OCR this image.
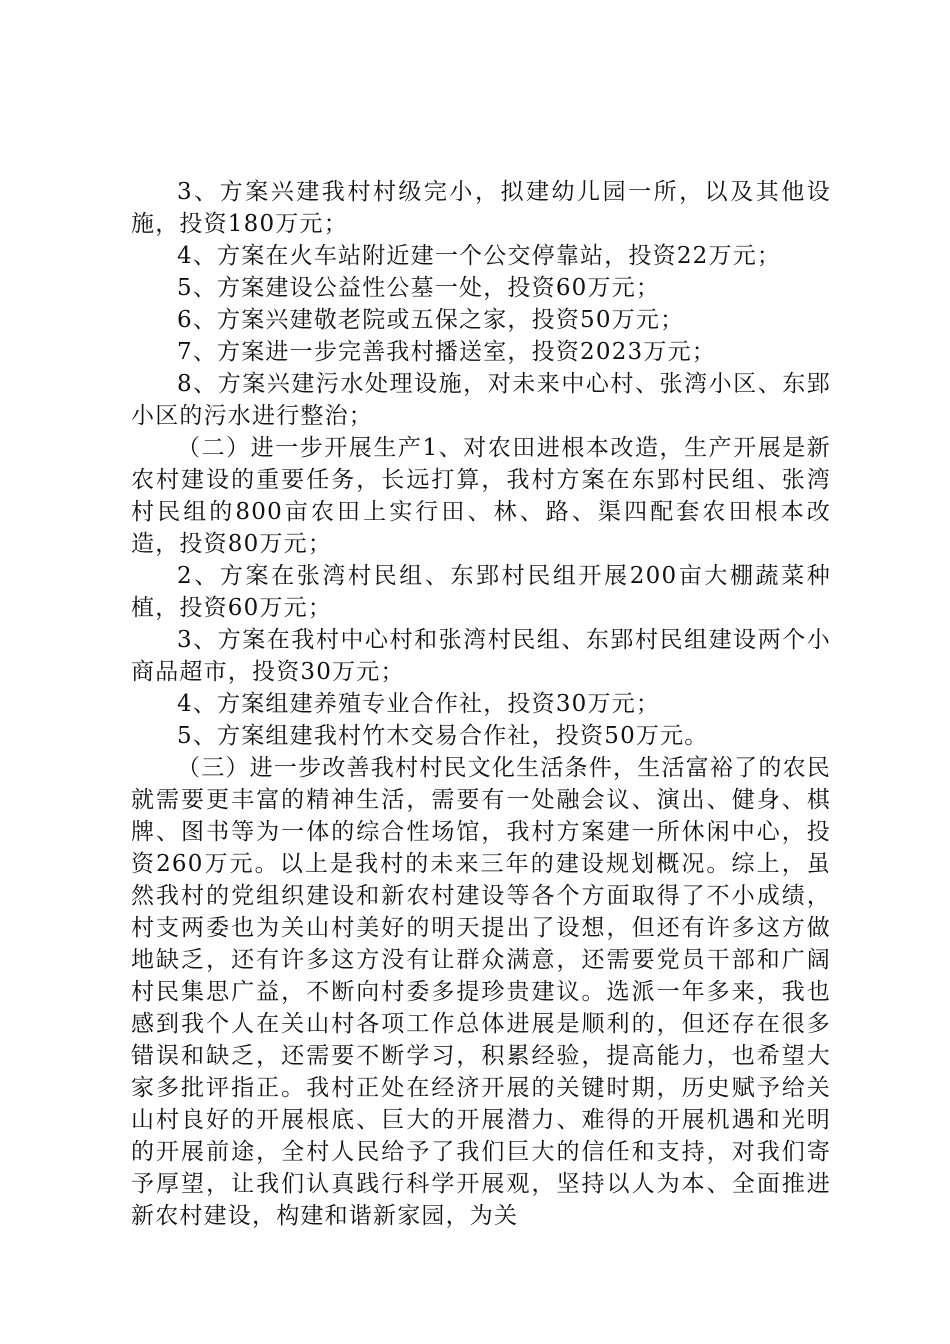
3、方案兴建我村村级完小，拟建幼儿园一所，以及其他设施，投资180万元；

4、方案在火车站附近建一个公交停靠站，投资22万元；

5、方案建设公益性公墓一处，投资60万元；

6、方案兴建敬老院或五保之家，投资50万元；

7、方案进一步完善我村播送室，投资2023万元；

8、方案兴建污水处理设施，对未来中心村、张湾小区、东郢小区的污水进行整治；

（二）进一步开展生产1、对农田进根本改造，生产开展是新农村建设的重要任务，长远打算，我村方案在东郢村民组、张湾村民组的800亩农田上实行田、林、路、渠四配套农田根本改造，投资80万元；

2、方案在张湾村民组、东郢村民组开展200亩大棚蔬菜种植，投资60万元；

3、方案在我村中心村和张湾村民组、东郢村民组建设两个小商品超市，投资30万元；

4、方案组建养殖专业合作社，投资30万元；

5、方案组建我村竹木交易合作社，投资50万元。

（三）进一步改善我村村民文化生活条件，生活富裕了的农民就需要更丰富的精神生活，需要有一处融会议、演出、健身、棋牌、图书等为一体的综合性场馆，我村方案建一所休闲中心，投资260万元。以上是我村的未来三年的建设规划概况。综上，虽然我村的党组织建设和新农村建设等各个方面取得了不小成绩，村支两委也为关山村美好的明天提出了设想，但还有许多这方做地缺乏，还有许多这方没有让群众满意，还需要党员干部和广阔村民集思广益，不断向村委多提珍贵建议。选派一年多来，我也感到我个人在关山村各项工作总体进展是顺利的，但还存在很多错误和缺乏，还需要不断学习，积累经验，提高能力，也希望大家多批评指正。我村正处在经济开展的关键时期，历史赋予给关山村良好的开展根底、巨大的开展潜力、难得的开展机遇和光明的开展前途，全村人民给予了我们巨大的信任和支持，对我们寄予厚望，让我们认真践行科学开展观，坚持以人为本、全面推进新农村建设，构建和谐新家园，为关
